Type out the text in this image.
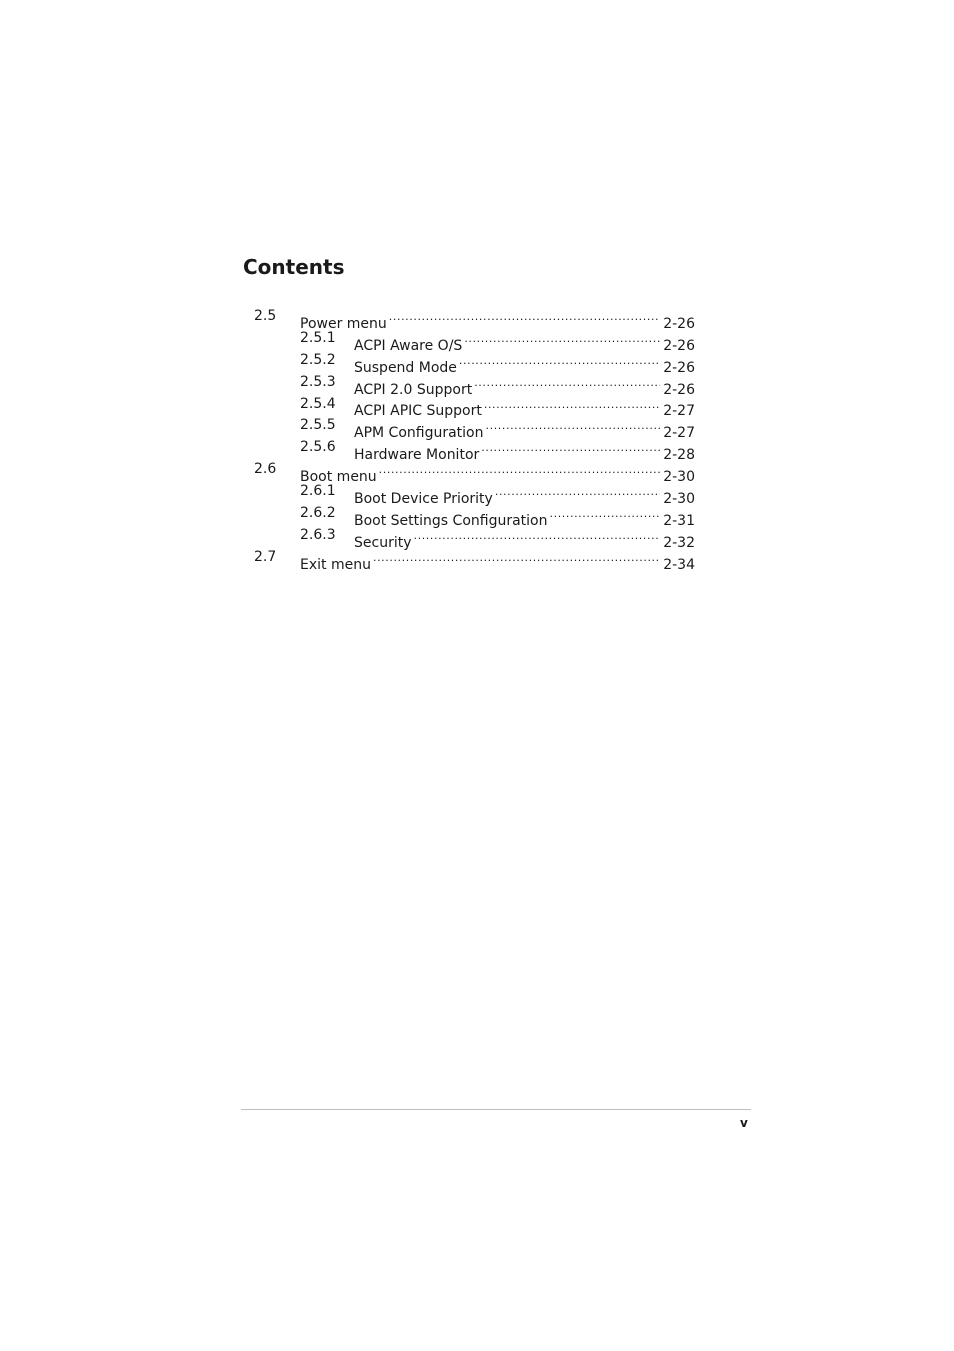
Contents
2.5 Power menu .....	2-26
2.5.1 ACPI Aware O/S .....	2-26
2.5.2 Suspend Mode .....	2-26
2.5.3 ACPI 2.0 Support .....	2-26
2.5.4 ACPI APIC Support .....	2-27
2.5.5 APM Configuration .....	2-27
2.5.6 Hardware Monitor .....	2-28
2.6 Boot menu .....	2-30
2.6.1 Boot Device Priority .....	2-30
2.6.2 Boot Settings Configuration .....	2-31
2.6.3 Security .....	2-32
2.7 Exit menu .....	2-34
v
